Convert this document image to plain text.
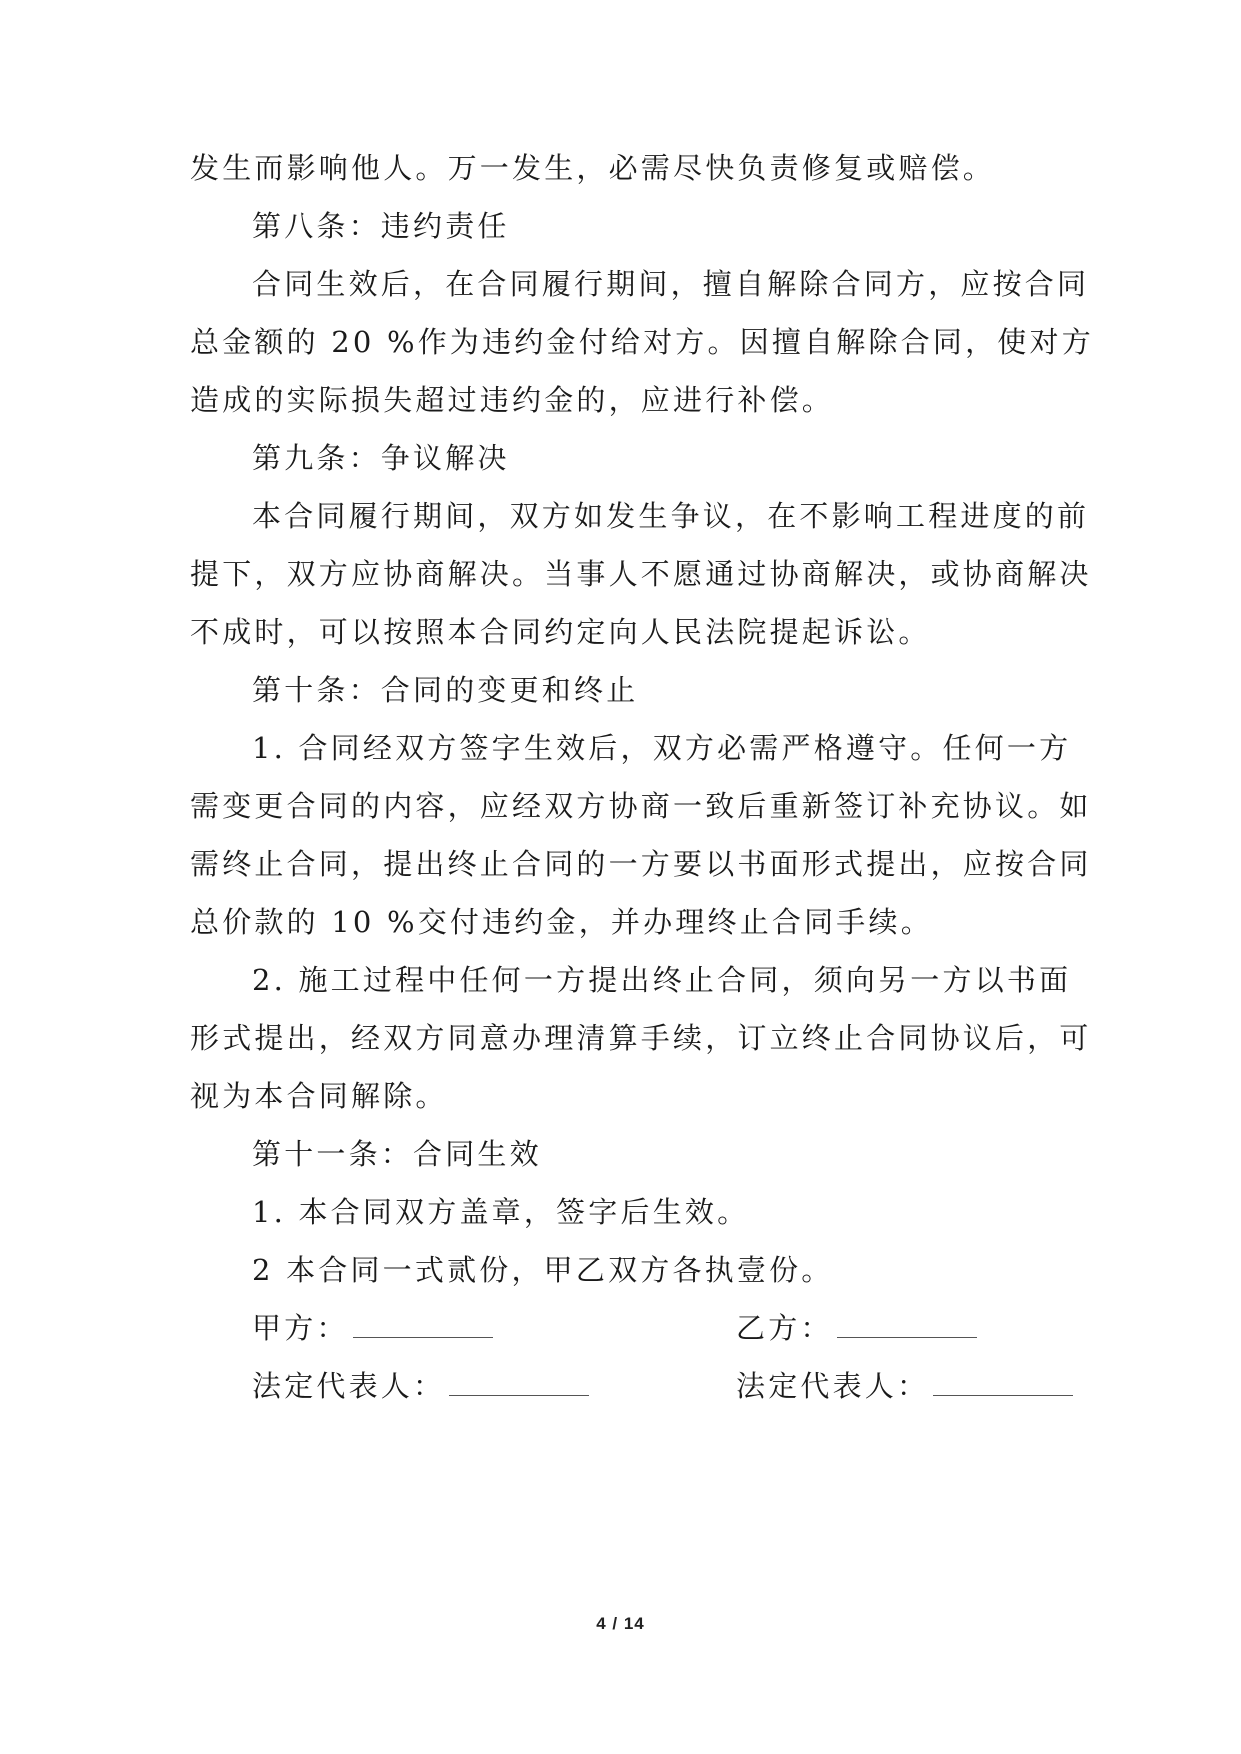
发生而影响他人。万一发生，必需尽快负责修复或赔偿。
第八条：违约责任
合同生效后，在合同履行期间，擅自解除合同方，应按合同
总金额的 20 %作为违约金付给对方。因擅自解除合同，使对方
造成的实际损失超过违约金的，应进行补偿。
第九条：争议解决
本合同履行期间，双方如发生争议，在不影响工程进度的前
提下，双方应协商解决。当事人不愿通过协商解决，或协商解决
不成时，可以按照本合同约定向人民法院提起诉讼。
第十条：合同的变更和终止
1. 合同经双方签字生效后，双方必需严格遵守。任何一方
需变更合同的内容，应经双方协商一致后重新签订补充协议。如
需终止合同，提出终止合同的一方要以书面形式提出，应按合同
总价款的 10 %交付违约金，并办理终止合同手续。
2. 施工过程中任何一方提出终止合同，须向另一方以书面
形式提出，经双方同意办理清算手续，订立终止合同协议后，可
视为本合同解除。
第十一条：合同生效
1. 本合同双方盖章，签字后生效。
2 本合同一式贰份，甲乙双方各执壹份。
甲方：	乙方：
法定代表人：	法定代表人：
4 / 14
